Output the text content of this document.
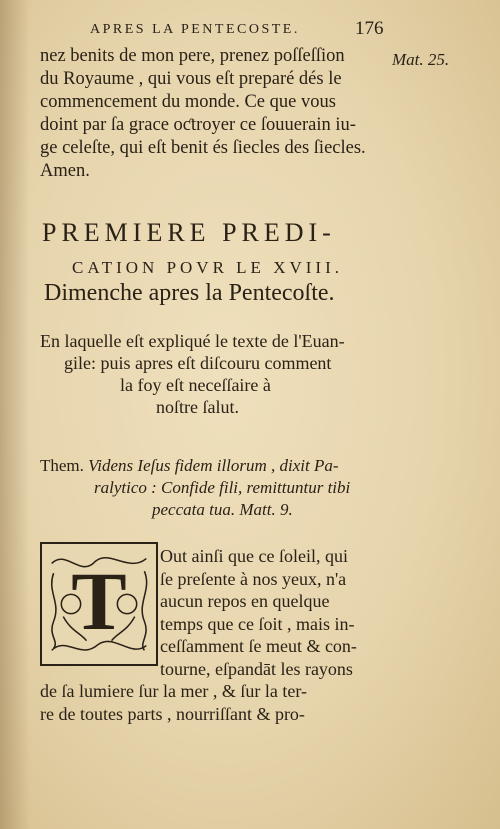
APRES LA PENTECOSTE.	176
Mat. 25.
nez benits de mon pere, prenez poſſeſſion
du Royaume , qui vous eſt preparé dés le
commencement du monde. Ce que vous
doint par ſa grace oƈtroyer ce ſouuerain iu-
ge celeſte, qui eſt benit és ſiecles des ſiecles.
Amen.
PREMIERE PREDI-
CATION POVR LE XVIII.
Dimenche apres la Pentecoſte.
En laquelle eſt expliqué le texte de l'Euan-
gile: puis apres eſt diſcouru comment
la foy eſt neceſſaire à
noſtre ſalut.
Them. Videns Ieſus fidem illorum , dixit Pa-
ralytico : Confide fili, remittuntur tibi
peccata tua. Matt. 9.
T Out ainſi que ce ſoleil, qui
ſe preſente à nos yeux, n'a
aucun repos en quelque
temps que ce ſoit , mais in-
ceſſamment ſe meut & con-
tourne, eſpandāt les rayons
de ſa lumiere ſur la mer , & ſur la ter-
re de toutes parts , nourriſſant & pro-
